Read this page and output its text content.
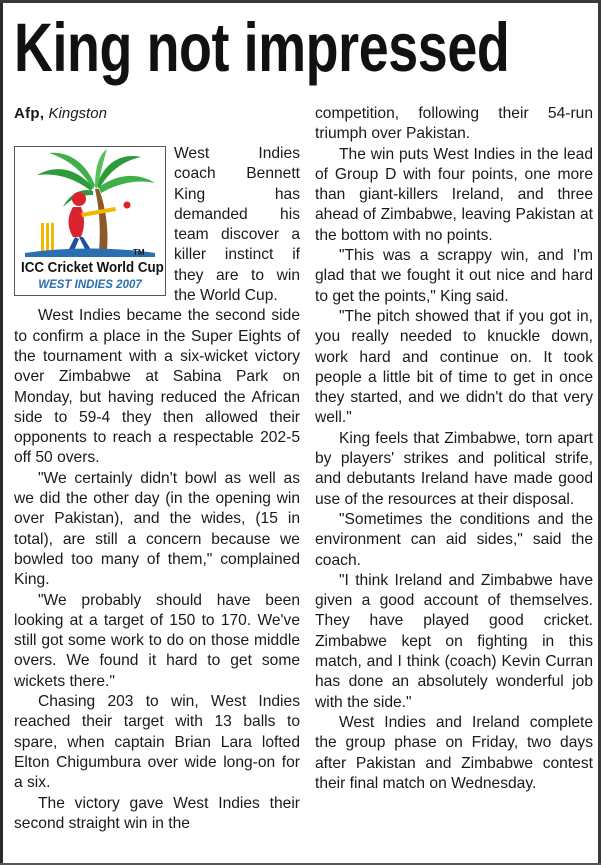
King not impressed
Afp, Kingston
TM
ICC Cricket World Cup
WEST INDIES 2007

West Indies coach Bennett King has demanded his team discover a killer instinct if they are to win the World Cup.

West Indies became the second side to confirm a place in the Super Eights of the tournament with a six-wicket victory over Zimbabwe at Sabina Park on Monday, but having reduced the African side to 59-4 they then allowed their opponents to reach a respectable 202-5 off 50 overs.

"We certainly didn't bowl as well as we did the other day (in the opening win over Pakistan), and the wides, (15 in total), are still a concern because we bowled too many of them," complained King.

"We probably should have been looking at a target of 150 to 170. We've still got some work to do on those middle overs. We found it hard to get some wickets there."

Chasing 203 to win, West Indies reached their target with 13 balls to spare, when captain Brian Lara lofted Elton Chigumbura over wide long-on for a six.

The victory gave West Indies their second straight win in the

competition, following their 54-run triumph over Pakistan.

The win puts West Indies in the lead of Group D with four points, one more than giant-killers Ireland, and three ahead of Zimbabwe, leaving Pakistan at the bottom with no points.

"This was a scrappy win, and I'm glad that we fought it out nice and hard to get the points," King said.

"The pitch showed that if you got in, you really needed to knuckle down, work hard and continue on. It took people a little bit of time to get in once they started, and we didn't do that very well."

King feels that Zimbabwe, torn apart by players' strikes and political strife, and debutants Ireland have made good use of the resources at their disposal.

"Sometimes the conditions and the environment can aid sides," said the coach.

"I think Ireland and Zimbabwe have given a good account of themselves. They have played good cricket. Zimbabwe kept on fighting in this match, and I think (coach) Kevin Curran has done an absolutely wonderful job with the side."

West Indies and Ireland complete the group phase on Friday, two days after Pakistan and Zimbabwe contest their final match on Wednesday.
